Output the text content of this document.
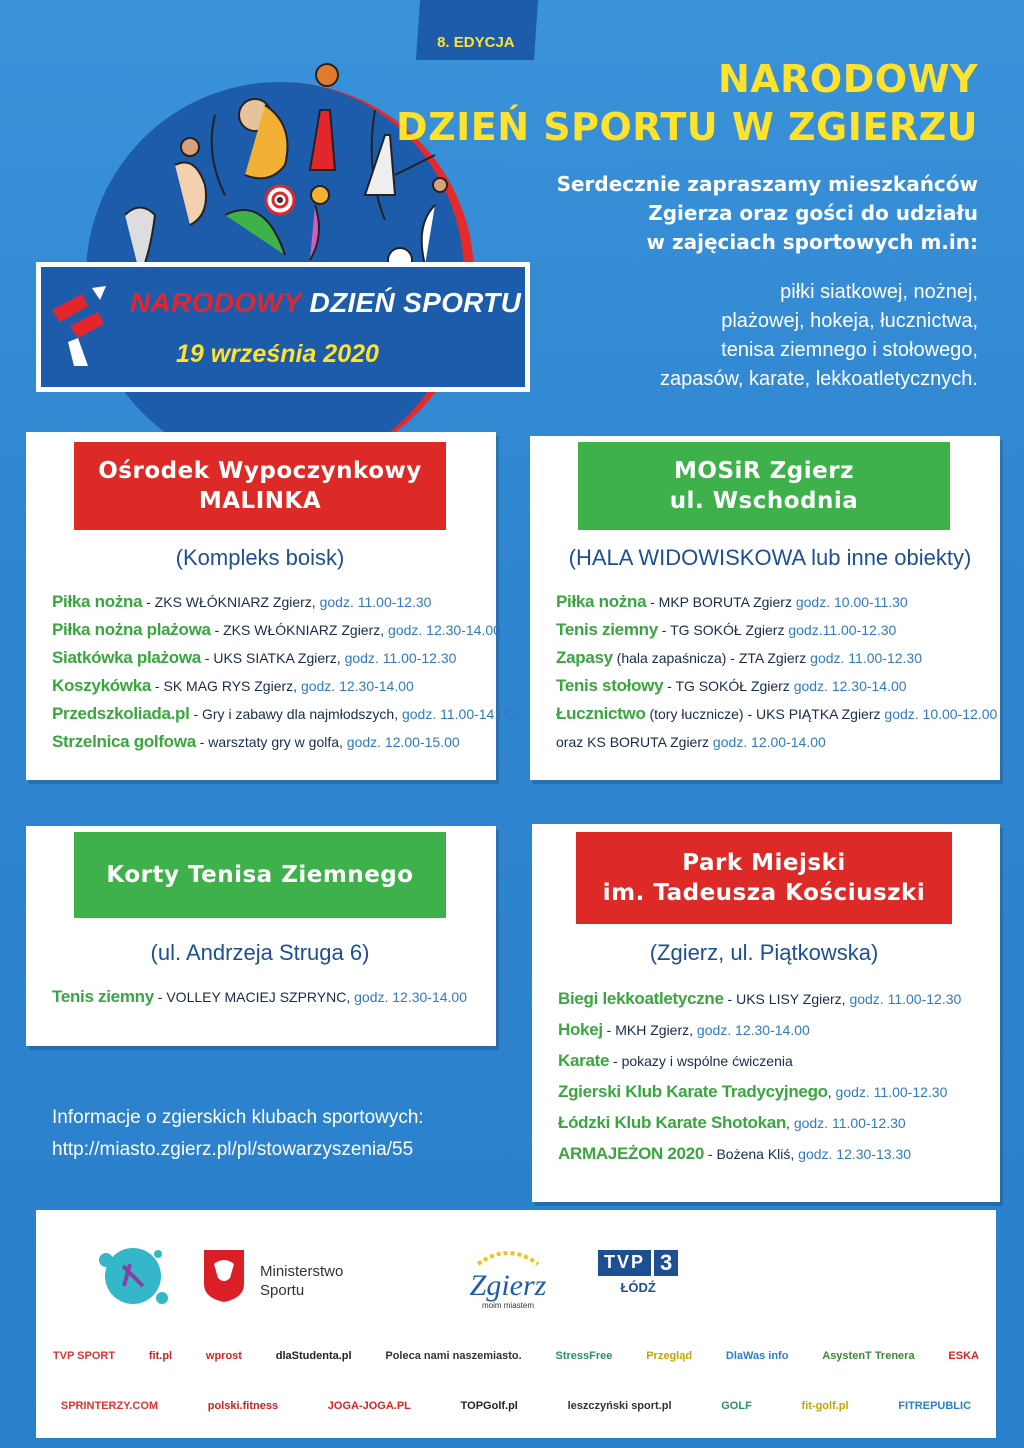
8. EDYCJA
NARODOWY DZIEŃ SPORTU
19 września 2020
NARODOWY
DZIEŃ SPORTU W ZGIERZU
Serdecznie zapraszamy mieszkańców
Zgierza oraz gości do udziału
w zajęciach sportowych m.in:
piłki siatkowej, nożnej,
plażowej, hokeja, łucznictwa,
tenisa ziemnego i stołowego,
zapasów, karate, lekkoatletycznych.
Ośrodek Wypoczynkowy
MALINKA
(Kompleks boisk)
Piłka nożna - ZKS WŁÓKNIARZ Zgierz, godz. 11.00-12.30
Piłka nożna plażowa - ZKS WŁÓKNIARZ Zgierz, godz. 12.30-14.00
Siatkówka plażowa - UKS SIATKA Zgierz, godz. 11.00-12.30
Koszykówka - SK MAG RYS Zgierz, godz. 12.30-14.00
Przedszkoliada.pl - Gry i zabawy dla najmłodszych, godz. 11.00-14.00
Strzelnica golfowa - warsztaty gry w golfa, godz. 12.00-15.00
MOSiR Zgierz
ul. Wschodnia
(HALA WIDOWISKOWA lub inne obiekty)
Piłka nożna - MKP BORUTA Zgierz godz. 10.00-11.30
Tenis ziemny - TG SOKÓŁ Zgierz godz.11.00-12.30
Zapasy (hala zapaśnicza) - ZTA Zgierz godz. 11.00-12.30
Tenis stołowy - TG SOKÓŁ Zgierz godz. 12.30-14.00
Łucznictwo (tory łucznicze) - UKS PIĄTKA Zgierz godz. 10.00-12.00
oraz KS BORUTA Zgierz godz. 12.00-14.00
Korty Tenisa Ziemnego
(ul. Andrzeja Struga 6)
Tenis ziemny - VOLLEY MACIEJ SZPRYNC, godz. 12.30-14.00
Park Miejski
im. Tadeusza Kościuszki
(Zgierz, ul. Piątkowska)
Biegi lekkoatletyczne - UKS LISY Zgierz, godz. 11.00-12.30
Hokej - MKH Zgierz, godz. 12.30-14.00
Karate - pokazy i wspólne ćwiczenia
Zgierski Klub Karate Tradycyjnego, godz. 11.00-12.30
Łódzki Klub Karate Shotokan, godz. 11.00-12.30
ARMAJEŻON 2020 - Bożena Kliś, godz. 12.30-13.30
Informacje o zgierskich klubach sportowych:
http://miasto.zgierz.pl/pl/stowarzyszenia/55
Ministerstwo
Sportu	Zgierz
moim miastem
TVP 3
ŁÓDŹ
TVP SPORT	fit.pl	wprost	dlaStudenta.pl	Poleca nami naszemiasto.	StressFree	Przegląd	DlaWas info	AsystenT Trenera	ESKA
SPRINTERZY.COM	polski.fitness	JOGA-JOGA.PL	TOPGolf.pl	leszczyński sport.pl	GOLF	fit-golf.pl	FITREPUBLIC
